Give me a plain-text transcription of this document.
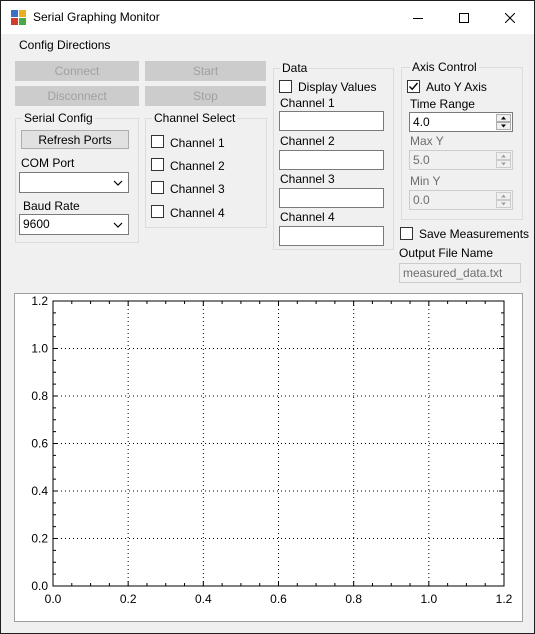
Serial Graphing Monitor
Config Directions
Connect	Start
Disconnect	Stop
Serial Config
Refresh Ports
COM Port
Baud Rate
9600
Channel Select
Channel 1
Channel 2
Channel 3
Channel 4
Data
Display Values
Channel 1
Channel 2
Channel 3
Channel 4
Axis Control
Auto Y Axis
Time Range
4.0
Max Y
5.0
Min Y
0.0
Save Measurements
Output File Name
measured_data.txt
0.0	0.2	0.4	0.6	0.8	1.0	1.2
0.0
0.2
0.4
0.6
0.8
1.0
1.2
